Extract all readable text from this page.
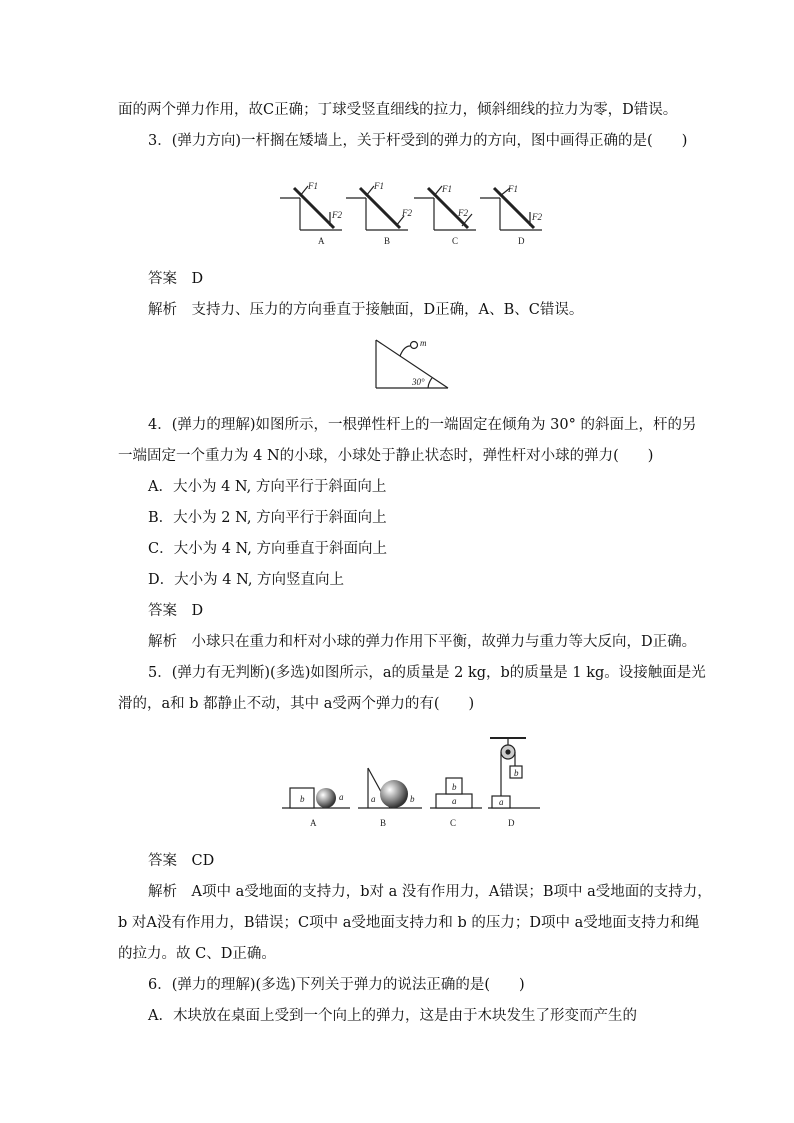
面的两个弹力作用，故C正确；丁球受竖直细线的拉力，倾斜细线的拉力为零，D错误。
3．(弹力方向)一杆搁在矮墙上，关于杆受到的弹力的方向，图中画得正确的是(　　)
F1
F2
F1
F2
F1
F2
F1
F2
A	B	C	D
答案　D
解析　支持力、压力的方向垂直于接触面，D正确，A、B、C错误。
m
30°
4．(弹力的理解)如图所示，一根弹性杆上的一端固定在倾角为 30° 的斜面上，杆的另
一端固定一个重力为 4 N的小球，小球处于静止状态时，弹性杆对小球的弹力(　　)
A．大小为 4 N, 方向平行于斜面向上
B．大小为 2 N, 方向平行于斜面向上
C．大小为 4 N, 方向垂直于斜面向上
D．大小为 4 N, 方向竖直向上
答案　D
解析　小球只在重力和杆对小球的弹力作用下平衡，故弹力与重力等大反向，D正确。
5．(弹力有无判断)(多选)如图所示，a的质量是 2 kg，b的质量是 1 kg。设接触面是光
滑的，a和 b 都静止不动，其中 a受两个弹力的有(　　)
b	a	a	b	a
b
a
b
A	B	C	D
答案　CD
解析　A项中 a受地面的支持力，b对 a 没有作用力，A错误；B项中 a受地面的支持力，
b 对A没有作用力，B错误；C项中 a受地面支持力和 b 的压力；D项中 a受地面支持力和绳
的拉力。故 C、D正确。
6．(弹力的理解)(多选)下列关于弹力的说法正确的是(　　)
A．木块放在桌面上受到一个向上的弹力，这是由于木块发生了形变而产生的
